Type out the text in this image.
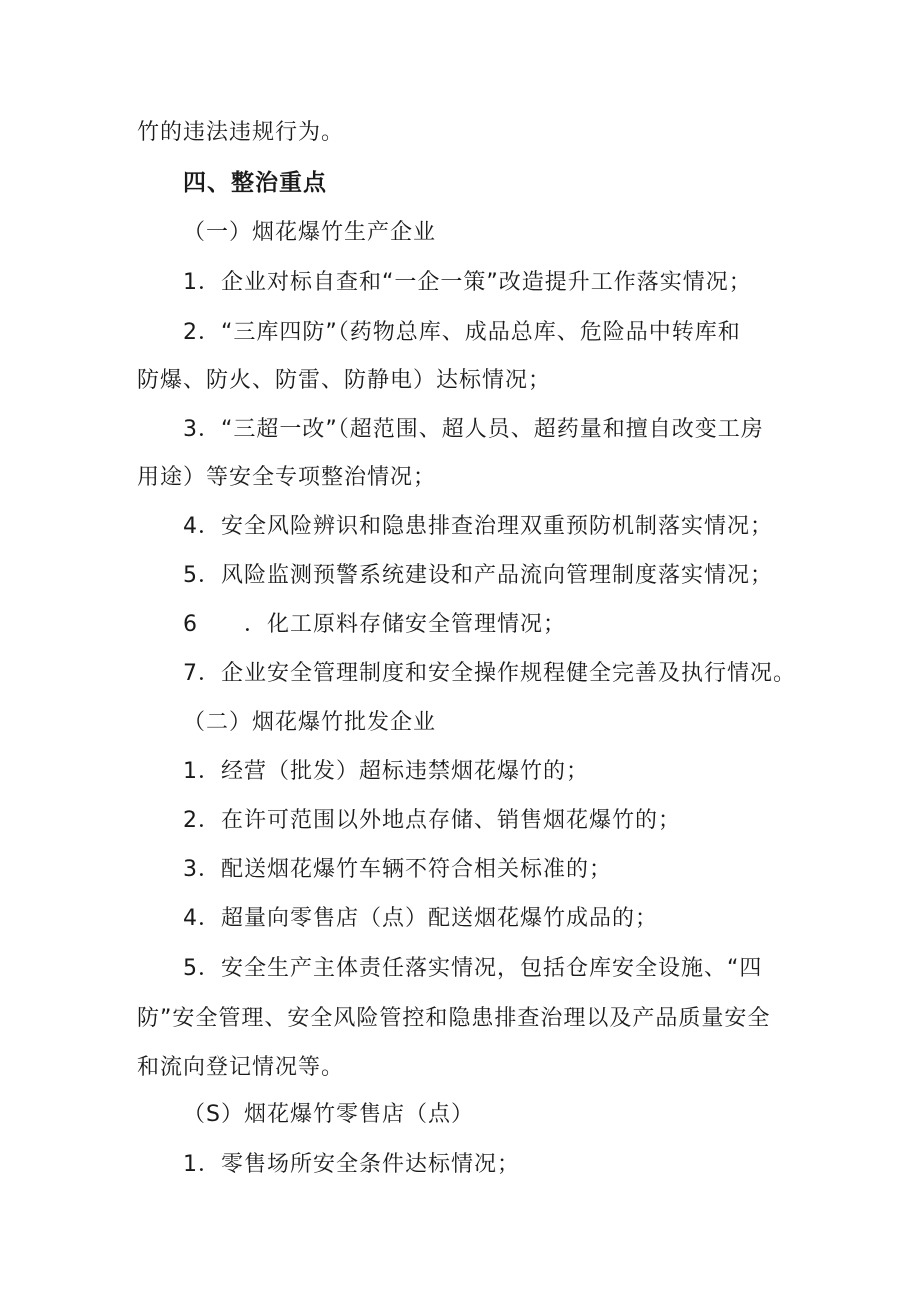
竹的违法违规行为。
四、整治重点
（一）烟花爆竹生产企业
1．企业对标自查和“一企一策”改造提升工作落实情况；
2．“三库四防”（药物总库、成品总库、危险品中转库和
防爆、防火、防雷、防静电）达标情况；
3．“三超一改”（超范围、超人员、超药量和擅自改变工房
用途）等安全专项整治情况；
4．安全风险辨识和隐患排查治理双重预防机制落实情况；
5．风险监测预警系统建设和产品流向管理制度落实情况；
6　　．化工原料存储安全管理情况；
7．企业安全管理制度和安全操作规程健全完善及执行情况。
（二）烟花爆竹批发企业
1．经营（批发）超标违禁烟花爆竹的；
2．在许可范围以外地点存储、销售烟花爆竹的；
3．配送烟花爆竹车辆不符合相关标准的；
4．超量向零售店（点）配送烟花爆竹成品的；
5．安全生产主体责任落实情况，包括仓库安全设施、“四
防”安全管理、安全风险管控和隐患排查治理以及产品质量安全
和流向登记情况等。
（S）烟花爆竹零售店（点）
1．零售场所安全条件达标情况；
